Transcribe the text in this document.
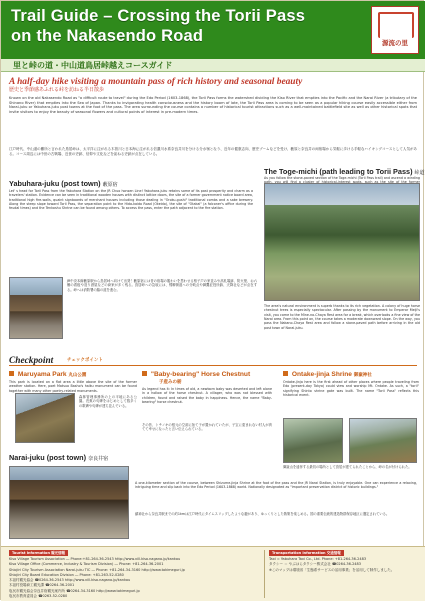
Trail Guide – Crossing the Torii Pass
on the Nakasendo Road	源流の里
里と峠の道・中山道鳥居峠越えコースガイド
A half-day hike visiting a mountain pass of rich history and seasonal beauty
歴史と季節感あふれる峠を訪ねる半日散歩
Known on the old Nakasendo Road as "a difficult route to travel" during the Edo Period (1603-1868), the Torii Pass forms the watershed dividing the Kiso River that empties into the Pacific and the Narai River (a tributary of the Shinano River) that empties into the Sea of Japan. Thanks to invigorating health consciousness and the history boom of late, the Torii Pass area is coming to be seen as a popular hiking course easily accessible either from Narai-juku or Yabuhara-juku post towns at the foot of the pass. The area surrounding the course contains a number of historical tourist attractions such as a well-maintained battlefield site as well as other historical spots that invite visitors to enjoy the beauty of seasonal flowers and cultural points of interest in pre-modern times.
江戸時代、中山道の難所と言われた鳥居峠は、太平洋に注がれる木曽川と日本海に注がれる信濃川水系奈良井川を分ける分水嶺となり、近年の健康志向、歴史ブームなどを受け、藪原と奈良井の両宿場から気軽に歩ける手軽なハイキングコースとして人気がある。コース周辺には中世の古戦場、近世の史跡、信仰や文化などを訪ねる史跡が点在している。
Yabuhara-juku (post town) 藪原宿
Let' s head for Torii Pass from the Yabuhara Station on the JR Chuo honsen Line! Yabuhara-juku retains some of its past prosperity and charm as a travelers' station. Evidence can be seen in traditional wooden houses with distinct lattice doors, the site of a former government notice board area, traditional high fire-walls, quaint signboards of merchant houses including those dealing in "Oroku-gushi" traditional combs and a sake brewery. Along the steep slope toward Torii Pass, the separation point to the Hida-kaido Road (Okeido), the site of "Otakai" (a falconer's office during the feudal times) and the Tenkoshu Shrine can be found among others. To access the pass, enter the path adjacent to the fire station.
JR中央本線藪原駅から鳥居峠へ向けて出発！藪原宿には昔の宿場の賑わいを思わせる格子戸の家並みや高札場跡、防火壁、お六櫛の看板や造り酒屋などの商家が多く残る。鳥居峠への急坂には、飛騨街道への分岐点や御鷹匠役所跡、天降社などが点在する。峠へは消防署の脇の道を進む。
The Toge-michi (path leading to Torii Pass) 峠道
As you follow the stone-paved section of the Toge-michi (Torii Pass trail) and ascend a winding
The area's natural environment is superb thanks to its rich vegetation. A colony of huge horse chestnut trees is especially spectacular. After passing by the monument to Emperor Meiji's visit, you come to the Mine-no-Chaya Rest area for a break, which overlooks a fine view of the Narai area. From this point on, the course takes a moderate downward slope. On the way, you pass the Nakano-Chaya Rest area and follow a stone-paved path before arriving in the old post town of Narai-juku.
Checkpoint	チェックポイント
Maruyama Park 丸山公園
This park is located on a flat area a little above the site of the former weather station. Here, poet Matsuo Basho's haiku monument can be found together with many other poetry-related monuments.
森林管理事務所の上の平地にある公園。芭蕉の句碑をはじめとして数多くの歌碑や句碑が建ち並んでいる。
"Baby-bearing" Horse Chestnut
子産みの栃
As legend has it: In times of old, a newborn baby was deserted and left alone in a hollow of the horse chestnut. A villager, who was not blessed with children, found and raised the baby in happiness. Hence, the name "Baby-bearing" horse chestnut.
その昔、トチノキの根元の空洞に捨て子が置かれていたが、子宝に恵まれない村人が育てて幸せになったと言い伝えられている。
Ontake-jinja Shrine 御嶽神社
Ontake-jinja here is the first ahead of other places where people traveling from Edo (present-day Tokyo) could view and worship Mt. Ontake. As such, a "torii" signifying Shinto shrine gate was built. The name "Torii Pass" reflects this historical event.
御嶽山を遥拝する最初の場所として鳥居が建てられたことから、峠の名が付けられた。
Narai-juku (post town) 奈良井宿
A one-kilometer section of the course, between Shizume-jinja Shrine at the foot of the pass and the JR Narai Station, is truly enjoyable. One can experience a relaxing, intriguing time and slip back into the Edo Period (1603-1868) world. Nationally designated as "important preservation district of historic buildings."
鎮神社から奈良井駅までの約1kmは江戸時代にタイムスリップしたような趣があり、ゆっくりとした散策を楽しめる。国の重要伝統的建造物群保存地区に選定されている。
Tourist Information 観光情報
Kiso Village Tourism Association ― Phone:+81-264-36-2543 http://www.vill.kiso.nagano.jp/kankou
Kiso Village Office (Commerce, Industry & Tourism Division) ― Phone: +81-264-36-2001
Shiojiri City Tourism Association Narai-juku TIC ― Phone: +81-264-34-3160 http://www.tokimeguri.jp
Shiojiri City Board Education Division ― Phone: +81-263-52-0280
木祖村観光協会 ☎0264-36-2543 http://www.vill.kiso.nagano.jp/kankou
木祖村役場商工観光課 ☎0264-36-2001
塩尻市観光協会奈良井宿観光案内所 ☎0264-34-3160 http://www.tokimeguri.jp
塩尻市教育委員会 ☎0263-52-0280
Transportation Information 交通情報
Taxi = Yabuhara Taxi Co., Ltd. Phone: +81-264-36-2483
タクシー ＝ やぶはらタクシー株式会社 ☎0264-36-2483
※このマップは環境省「生態系サービスの活用事業」を活用して制作しました。
